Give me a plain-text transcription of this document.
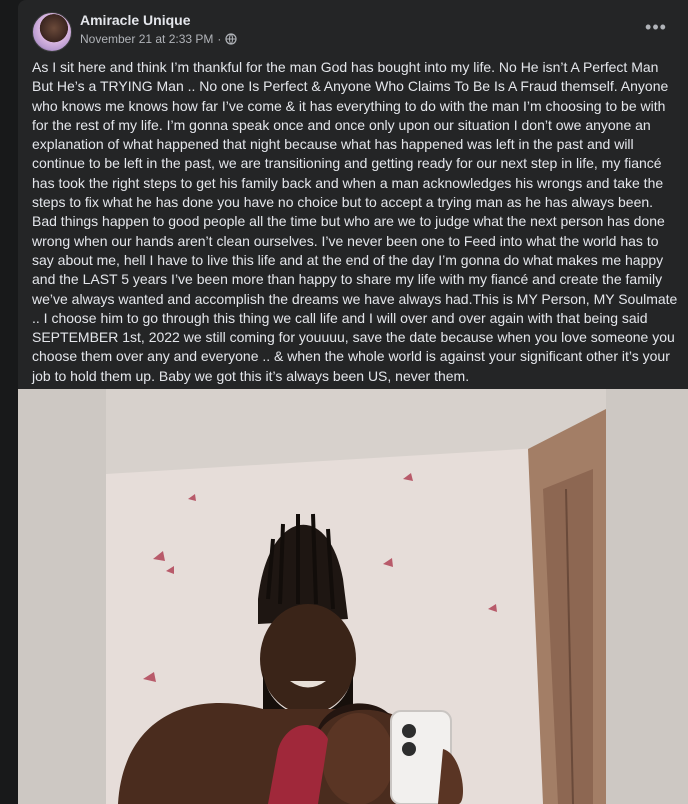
Amiracle Unique
November 21 at 2:33 PM ·
•••

As I sit here and think I’m thankful for the man God has bought into my life. No He isn’t A Perfect Man But He’s a TRYING Man .. No one Is Perfect & Anyone Who Claims To Be Is A Fraud themself. Anyone who knows me knows how far I’ve come & it has everything to do with the man I’m choosing to be with for the rest of my life. I’m gonna speak once and once only upon our situation I don’t owe anyone an explanation of what happened that night because what has happened was left in the past and will continue to be left in the past, we are transitioning and getting ready for our next step in life, my fiancé has took the right steps to get his family back and when a man acknowledges his wrongs and take the steps to fix what he has done you have no choice but to accept a trying man as he has always been. Bad things happen to good people all the time but who are we to judge what the next person has done wrong when our hands aren’t clean ourselves. I’ve never been one to Feed into what the world has to say about me, hell I have to live this life and at the end of the day I’m gonna do what makes me happy and the LAST 5 years I’ve been more than happy to share my life with my fiancé and create the family we’ve always wanted and accomplish the dreams we have always had.This is MY Person, MY Soulmate .. I choose him to go through this thing we call life and I will over and over again with that being said SEPTEMBER 1st, 2022 we still coming for youuuu, save the date because when you love someone you choose them over any and everyone .. & when the whole world is against your significant other it’s your job to hold them up. Baby we got this it’s always been US, never them.
